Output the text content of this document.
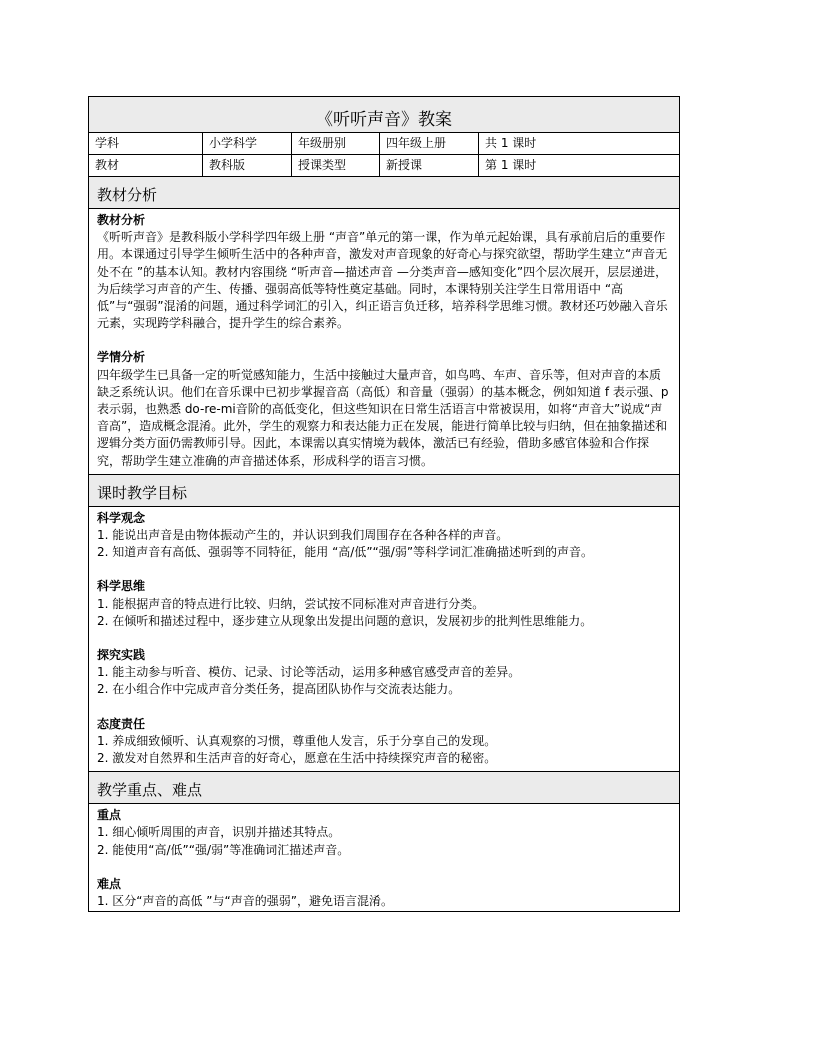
《听听声音》教案
学科	小学科学	年级册别	四年级上册	共 1 课时
教材	教科版	授课类型	新授课	第 1 课时
教材分析

教材分析

《听听声音》是教科版小学科学四年级上册 “声音”单元的第一课，作为单元起始课，具有承前启后的重要作用。本课通过引导学生倾听生活中的各种声音，激发对声音现象的好奇心与探究欲望，帮助学生建立“声音无处不在 ”的基本认知。教材内容围绕 “听声音—描述声音 —分类声音—感知变化”四个层次展开，层层递进，为后续学习声音的产生、传播、强弱高低等特性奠定基础。同时，本课特别关注学生日常用语中 “高低”与“强弱”混淆的问题，通过科学词汇的引入，纠正语言负迁移，培养科学思维习惯。教材还巧妙融入音乐元素，实现跨学科融合，提升学生的综合素养。

学情分析

四年级学生已具备一定的听觉感知能力，生活中接触过大量声音，如鸟鸣、车声、音乐等，但对声音的本质缺乏系统认识。他们在音乐课中已初步掌握音高（高低）和音量（强弱）的基本概念，例如知道 f 表示强、p 表示弱，也熟悉 do-re-mi音阶的高低变化，但这些知识在日常生活语言中常被误用，如将“声音大”说成“声音高”，造成概念混淆。此外，学生的观察力和表达能力正在发展，能进行简单比较与归纳，但在抽象描述和逻辑分类方面仍需教师引导。因此，本课需以真实情境为载体，激活已有经验，借助多感官体验和合作探究，帮助学生建立准确的声音描述体系，形成科学的语言习惯。

课时教学目标

科学观念

1. 能说出声音是由物体振动产生的，并认识到我们周围存在各种各样的声音。

2. 知道声音有高低、强弱等不同特征，能用 “高/低”“强/弱”等科学词汇准确描述听到的声音。

科学思维

1. 能根据声音的特点进行比较、归纳，尝试按不同标准对声音进行分类。

2. 在倾听和描述过程中，逐步建立从现象出发提出问题的意识，发展初步的批判性思维能力。

探究实践

1. 能主动参与听音、模仿、记录、讨论等活动，运用多种感官感受声音的差异。

2. 在小组合作中完成声音分类任务，提高团队协作与交流表达能力。

态度责任

1. 养成细致倾听、认真观察的习惯，尊重他人发言，乐于分享自己的发现。

2. 激发对自然界和生活声音的好奇心，愿意在生活中持续探究声音的秘密。

教学重点、难点

重点

1. 细心倾听周围的声音，识别并描述其特点。

2. 能使用“高/低”“强/弱”等准确词汇描述声音。

难点

1. 区分“声音的高低 ”与“声音的强弱”，避免语言混淆。
